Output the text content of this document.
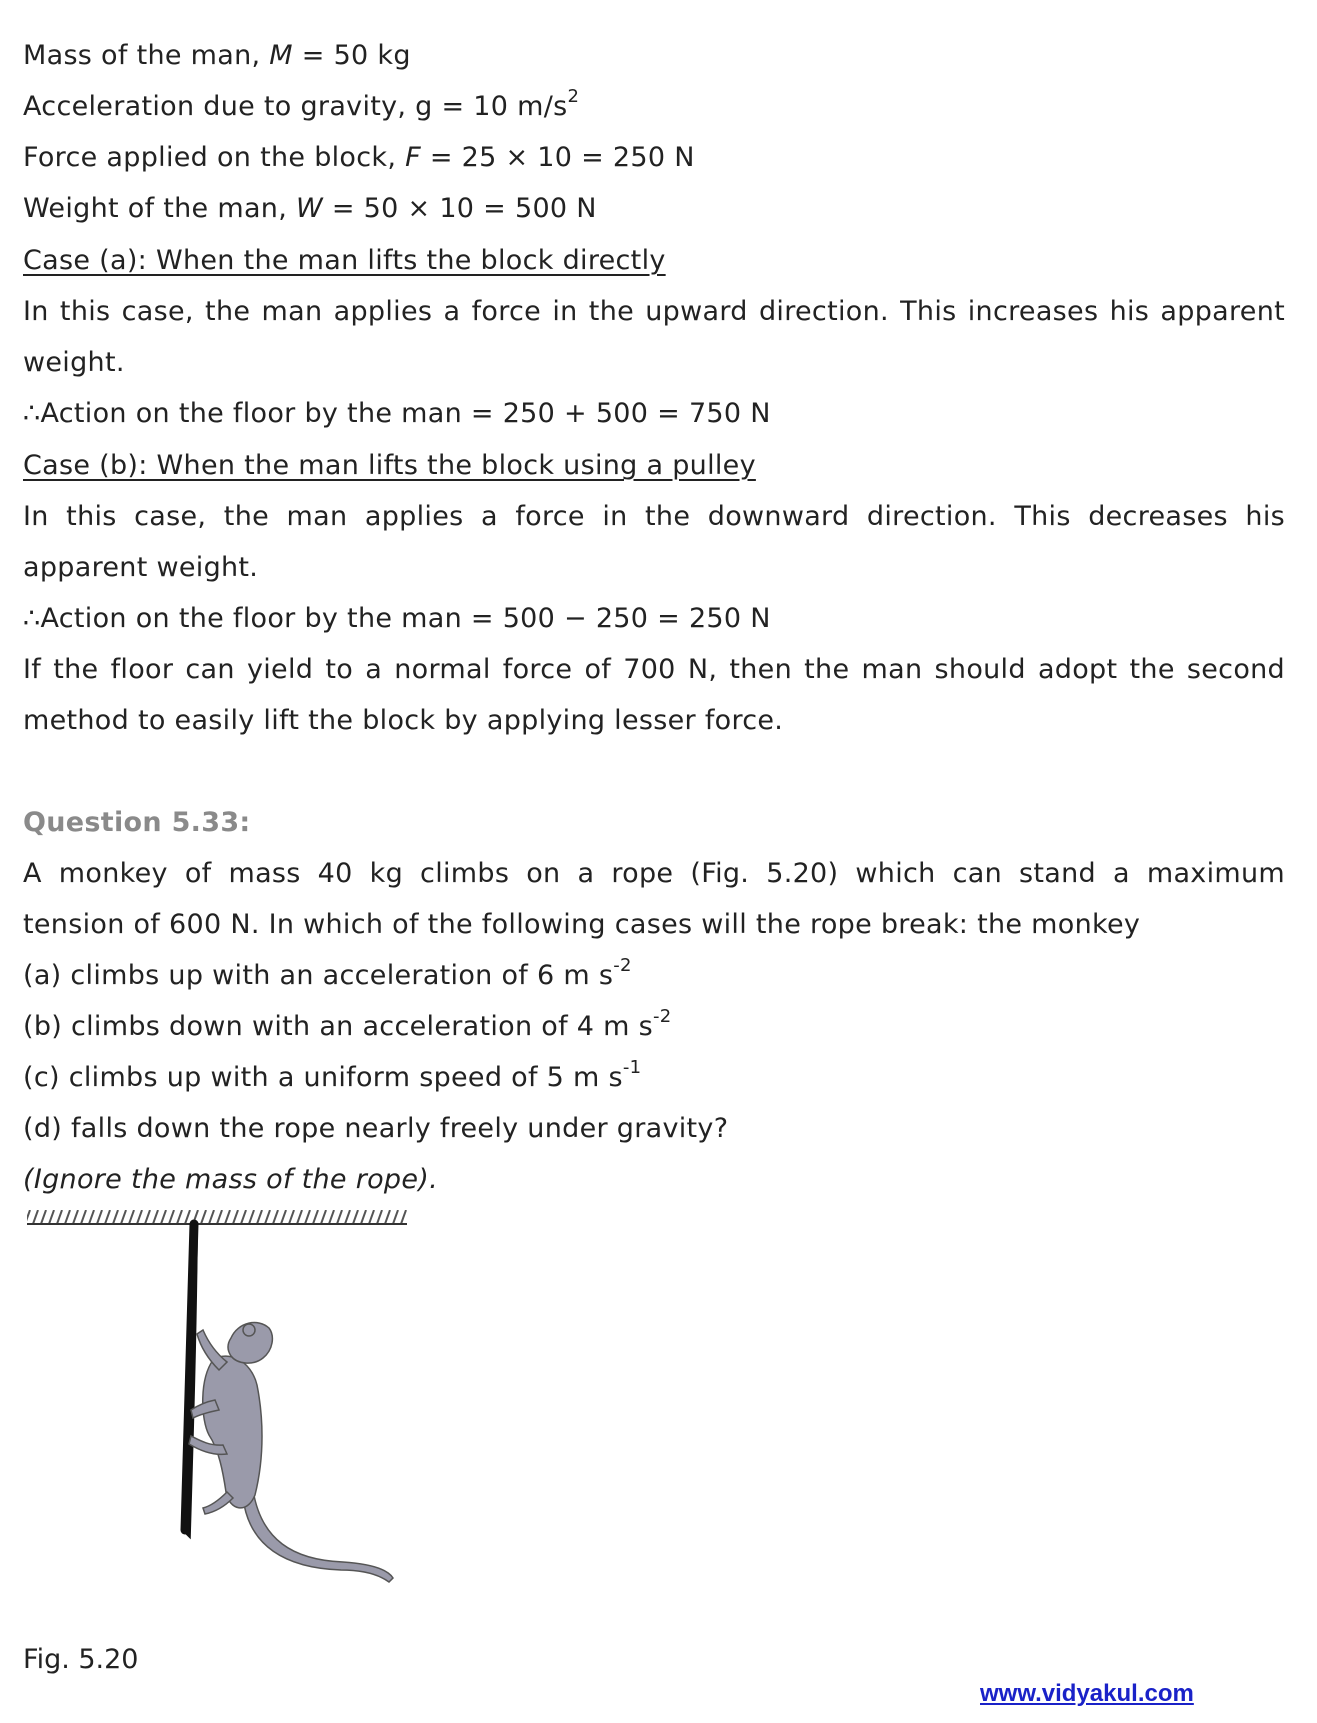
Mass of the man, M = 50 kg
Acceleration due to gravity, g = 10 $m/s^2$
Force applied on the block, F = 25 × 10 = 250 N
Weight of the man, W = 50 × 10 = 500 N
Case (a): When the man lifts the block directly
In this case, the man applies a force in the upward direction. This increases his apparent
weight.
∴Action on the floor by the man = 250 + 500 = 750 N
Case (b): When the man lifts the block using a pulley
In this case, the man applies a force in the downward direction. This decreases his
apparent weight.
∴Action on the floor by the man = 500 − 250 = 250 N
If the floor can yield to a normal force of 700 N, then the man should adopt the second
method to easily lift the block by applying lesser force.
Question 5.33:
A monkey of mass 40 kg climbs on a rope (Fig. 5.20) which can stand a maximum
tension of 600 N. In which of the following cases will the rope break: the monkey
(a) climbs up with an acceleration of 6 m $s^{-2}$
(b) climbs down with an acceleration of 4 m $s^{-2}$
(c) climbs up with a uniform speed of 5 m $s^{-1}$
(d) falls down the rope nearly freely under gravity?
(Ignore the mass of the rope).
Fig. 5.20
www.vidyakul.com
